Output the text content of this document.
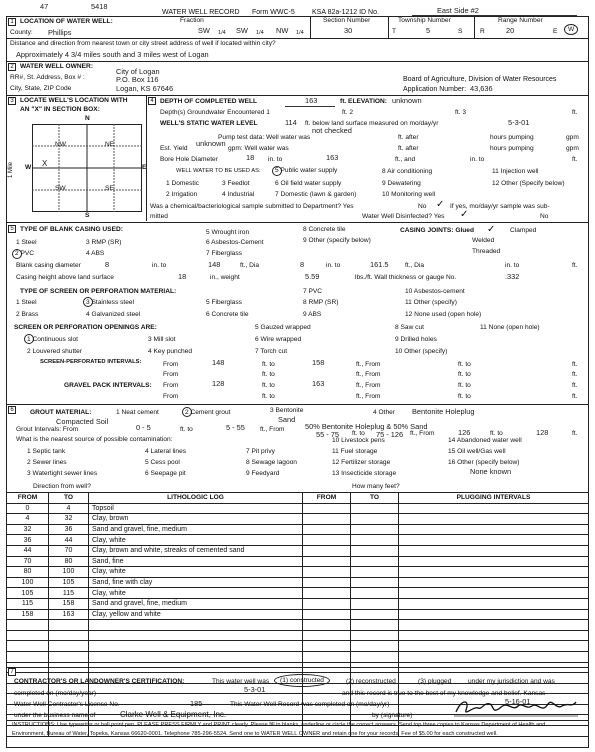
47	5418
WATER WELL RECORD Form WWC-5 KSA 82a-1212 ID No.	East Side #2
1 LOCATION OF WATER WELL:	Fraction
County: Phillips	SW 1/4 SW 1/4 NW 1/4
Section Number
30
Township Number
T	5	S
Range Number
R	20	E W
Distance and direction from nearest town or city street address of well if located within city?
Approximately 4 3/4 miles south and 3 miles west of Logan
2 WATER WELL OWNER:
City of Logan
RR#, St. Address, Box # :	P.O. Box 116
City, State, ZIP Code	Logan, KS 67646
Board of Agriculture, Division of Water Resources
Application Number: 43,636
3 LOCATE WELL'S LOCATION WITH
AN "X" IN SECTION BOX:
N
S
E
W
1 Mile
NW	NE
SW	SE
X
4 DEPTH OF COMPLETED WELL	163	ft. ELEVATION: unknown
Depth(s) Groundwater Encountered 1	ft. 2	ft. 3	ft.
WELL'S STATIC WATER LEVEL	114 ft. below land surface measured on mo/day/yr	5-3-01
not checked
Pump test data: Well water was	ft. after	hours pumping	gpm
Est. Yield
unknown
gpm: Well water was	ft. after	hours pumping	gpm
Bore Hole Diameter	18 in. to	163	ft., and	in. to	ft.
WELL WATER TO BE USED AS: 5 Public water supply	8 Air conditioning	11 Injection well
1 Domestic	3 Feedlot	6 Oil field water supply	9 Dewatering	12 Other (Specify below)
2 Irrigation	4 Industrial	7 Domestic (lawn & garden)	10 Monitoring well
Was a chemical/bacteriological sample submitted to Department? Yes	No ✓ If yes, mo/day/yr sample was sub-
mitted	Water Well Disinfected? Yes ✓	No
5 TYPE OF BLANK CASING USED:	5 Wrought iron	8 Concrete tile	CASING JOINTS: Glued ✓ Clamped
1 Steel	3 RMP (SR)	6 Asbestos-Cement	9 Other (specify below)	Welded
2 PVC	4 ABS	7 Fiberglass	Threaded
Blank casing diameter	8	in. to	148	ft., Dia	8	in. to	161.5	ft., Dia	in. to	ft.
Casing height above land surface	18	in., weight	5.59	lbs./ft. Wall thickness or gauge No.	.332
TYPE OF SCREEN OR PERFORATION MATERIAL:	7 PVC	10 Asbestos-cement
1 Steel	3 Stainless steel	5 Fiberglass	8 RMP (SR)	11 Other (specify)
2 Brass	4 Galvanized steel	6 Concrete tile	9 ABS	12 None used (open hole)
SCREEN OR PERFORATION OPENINGS ARE:	5 Gauzed wrapped	8 Saw cut	11 None (open hole)
1 Continuous slot	3 Mill slot	6 Wire wrapped	9 Drilled holes
2 Louvered shutter	4 Key punched	7 Torch cut	10 Other (specify)
SCREEN-PERFORATED INTERVALS:	From	148	ft. to	158	ft., From	ft. to	ft.
From	ft. to	ft., From	ft. to	ft.
GRAVEL PACK INTERVALS: From	128	ft. to	163	ft., From	ft. to	ft.
From	ft. to	ft., From	ft. to	ft.
6	GROUT MATERIAL:	1 Neat cement	2 Cement grout	3 Bentonite	4 Other Bentonite Holeplug
Compacted Soil	Sand
50% Bentonite Holeplug & 50% Sand
Grout Intervals: From	0 - 5	ft. to	5 - 55 ft., From
55 - 75 ft. to 75 - 126 ft., From	126	ft. to	128	ft.
What is the nearest source of possible contamination:
1 Septic tank
2 Sewer lines
3 Watertight sewer lines
4 Lateral lines
5 Cess pool
6 Seepage pit
7 Pit privy
8 Sewage lagoon
9 Feedyard
10 Livestock pens
11 Fuel storage
12 Fertilizer storage
13 Insecticide storage
14 Abandoned water well
15 Oil well/Gas well
16 Other (specify below)
None known
Direction from well?	How many feet?
FROM	TO	LITHOLOGIC LOG	FROM	TO	PLUGGING INTERVALS
0	4	Topsoil			
4	32	Clay, brown			
32	36	Sand and gravel, fine, medium			
36	44	Clay, white			
44	70	Clay, brown and white, streaks of cemented sand			
70	80	Sand, fine			
80	100	Clay, white			
100	105	Sand, fine with clay			
105	115	Clay, white			
115	158	Sand and gravel, fine, medium			
158	163	Clay, yellow and white			

7
CONTRACTOR'S OR LANDOWNER'S CERTIFICATION:	This water well was (1) constructed	(2) reconstructed	(3) plugged	under my jurisdiction and was
completed on (mo/day/year)	5-3-01	and this record is true to the best of my knowledge and belief. Kansas
Water Well Contractor's License No.	185	This Water Well Record was completed on (mo/day/yr)	5-16-01
under the business name of	Clarke Well & Equipment, Inc.	by (signature)
INSTRUCTIONS: Use typewriter or ball point pen. PLEASE PRESS FIRMLY and PRINT clearly. Please fill in blanks, underline or circle the correct answers. Send top three copies to Kansas Department of Health and
Environment, Bureau of Water, Topeka, Kansas 66620-0001. Telephone 785-296-5524. Send one to WATER WELL OWNER and retain one for your records. Fee of $5.00 for each constructed well.
